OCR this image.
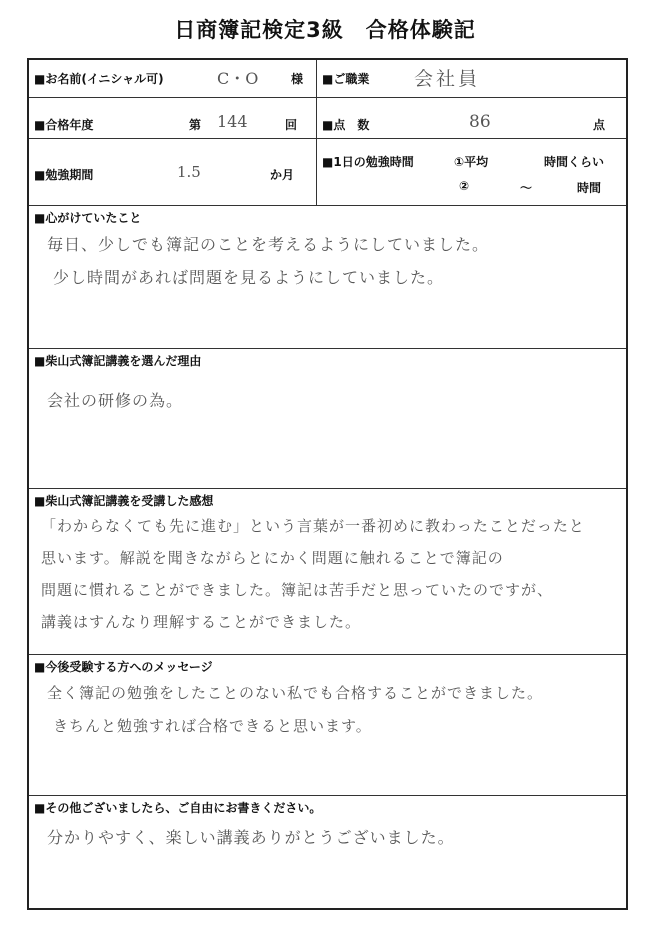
日商簿記検定3級　合格体験記
■お名前(イニシャル可)	C・O	様 ■ご職業 会社員
■合格年度	第 144	回 ■点　数	86	点
■勉強期間	1.5	か月
■1日の勉強時間	①平均	時間くらい
②	～	時間
■心がけていたこと
毎日、少しでも簿記のことを考えるようにしていました。
少し時間があれば問題を見るようにしていました。
■柴山式簿記講義を選んだ理由
会社の研修の為。
■柴山式簿記講義を受講した感想
「わからなくても先に進む」という言葉が一番初めに教わったことだったと
思います。解説を聞きながらとにかく問題に触れることで簿記の
問題に慣れることができました。簿記は苦手だと思っていたのですが、
講義はすんなり理解することができました。
■今後受験する方へのメッセージ
全く簿記の勉強をしたことのない私でも合格することができました。
きちんと勉強すれば合格できると思います。
■その他ございましたら、ご自由にお書きください。
分かりやすく、楽しい講義ありがとうございました。
